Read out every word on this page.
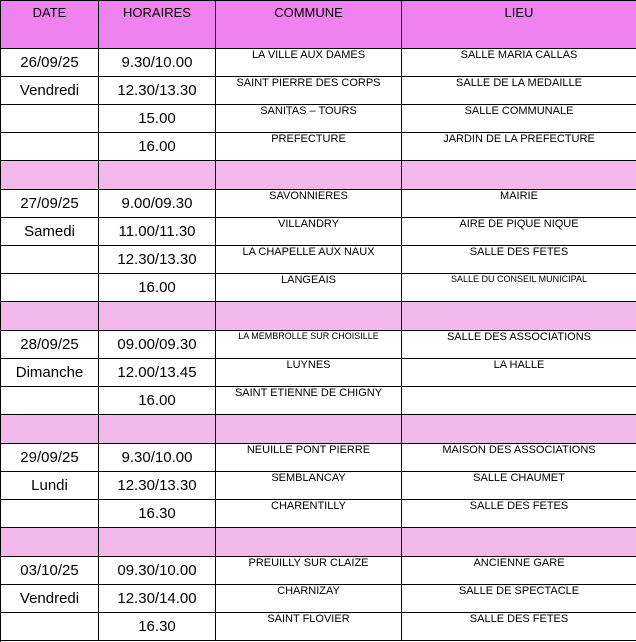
DATE	HORAIRES	COMMUNE	LIEU
26/09/25	9.30/10.00	LA VILLE AUX DAMES	SALLE MARIA CALLAS
Vendredi	12.30/13.30	SAINT PIERRE DES CORPS	SALLE DE LA MEDAILLE
	15.00	SANITAS – TOURS	SALLE COMMUNALE
	16.00	PREFECTURE	JARDIN DE LA PREFECTURE

27/09/25	9.00/09.30	SAVONNIERES	MAIRIE
Samedi	11.00/11.30	VILLANDRY	AIRE DE PIQUE NIQUE
	12.30/13.30	LA CHAPELLE AUX NAUX	SALLE DES FETES
	16.00	LANGEAIS	SALLE DU CONSEIL MUNICIPAL

28/09/25	09.00/09.30	LA MEMBROLLE SUR CHOISILLE	SALLE DES ASSOCIATIONS
Dimanche	12.00/13.45	LUYNES	LA HALLE
	16.00	SAINT ETIENNE DE CHIGNY	

29/09/25	9.30/10.00	NEUILLE PONT PIERRE	MAISON DES ASSOCIATIONS
Lundi	12.30/13.30	SEMBLANCAY	SALLE CHAUMET
	16.30	CHARENTILLY	SALLE DES FETES

03/10/25	09.30/10.00	PREUILLY SUR CLAIZE	ANCIENNE GARE
Vendredi	12.30/14.00	CHARNIZAY	SALLE DE SPECTACLE
	16.30	SAINT FLOVIER	SALLE DES FETES
